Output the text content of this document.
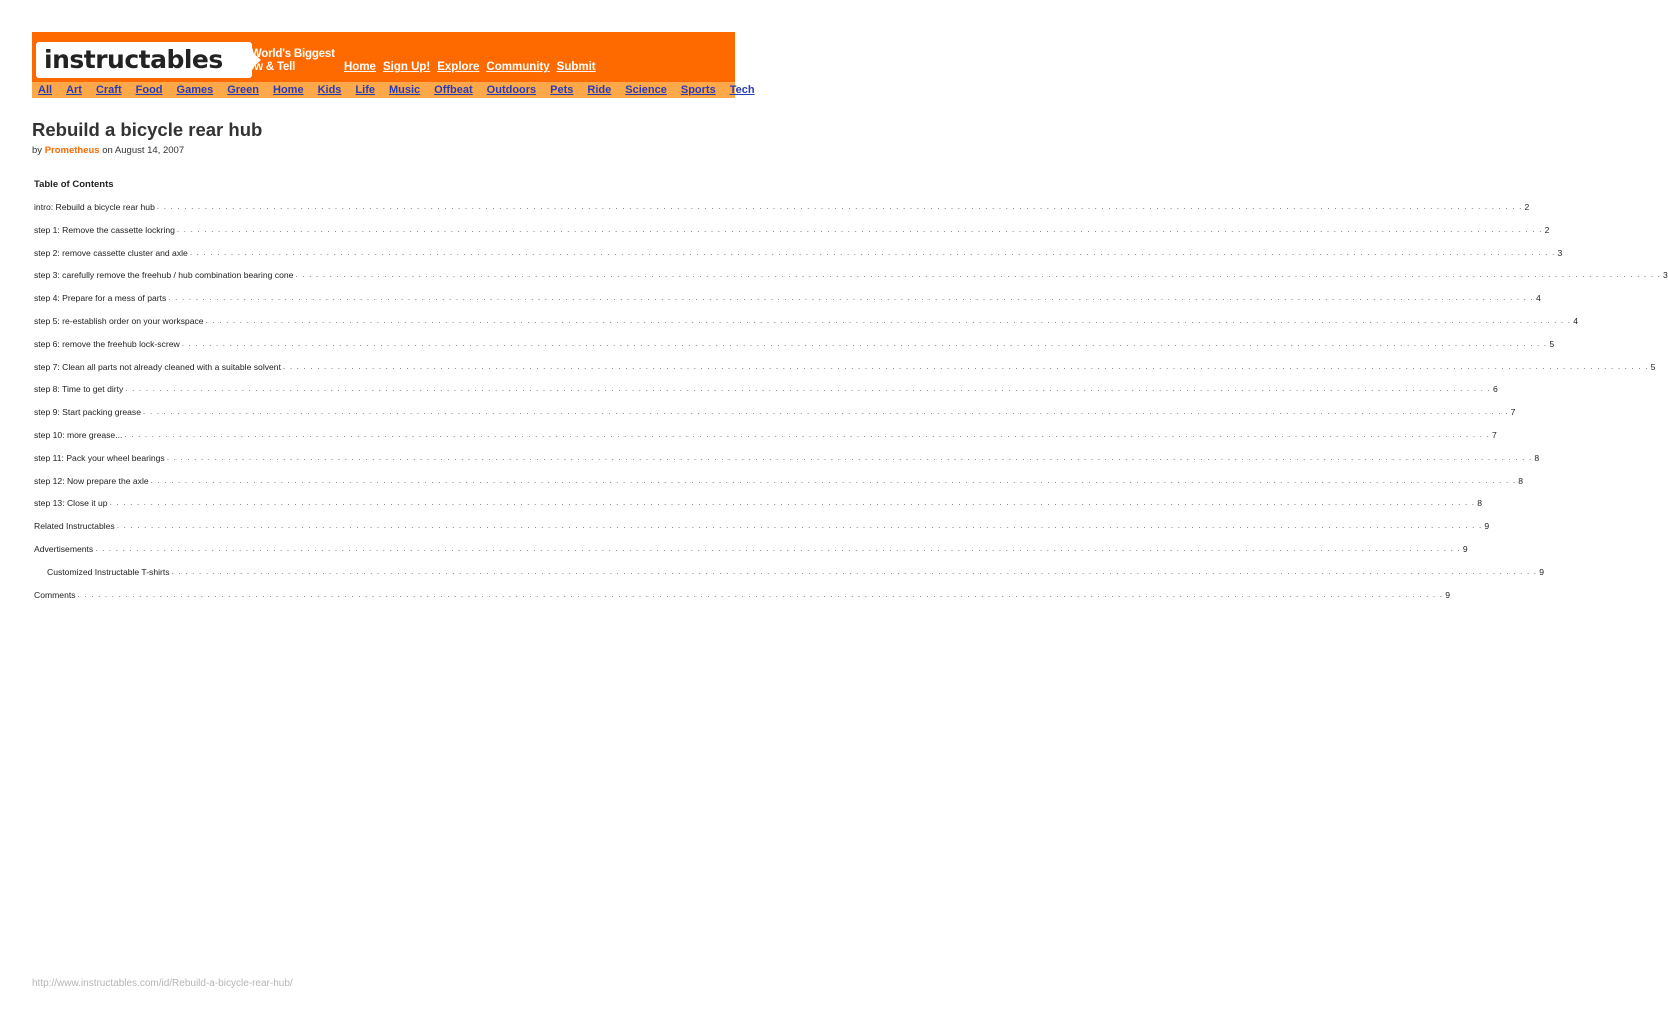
instructables The World's Biggest
Show & Tell	Home Sign Up! Explore Community Submit
All Art Craft Food Games Green Home Kids Life Music Offbeat Outdoors Pets Ride Science Sports Tech
Rebuild a bicycle rear hub
by Prometheus on August 14, 2007
Table of Contents
intro: Rebuild a bicycle rear hub . . . . . . . . . . . . . . . . . . . . . . . . . . . . . . . . . . . . . . . . . . . . . . . . . . . . . . . . . . . . . . . . . . . . . . . . . . . . . . . . . . . . . . . . . . . . . . . . . . . . . . . . . . . . . . . . . . . . . . . . . . . . . . . . . . . . . . . . . . . . . . . . . . . . . . . . . . . . . . . . . . . . . . . . . . . . . . . . . . . . . . . . . . . . . . . . . . . . . . . . 2
step 1: Remove the cassette lockring . . . . . . . . . . . . . . . . . . . . . . . . . . . . . . . . . . . . . . . . . . . . . . . . . . . . . . . . . . . . . . . . . . . . . . . . . . . . . . . . . . . . . . . . . . . . . . . . . . . . . . . . . . . . . . . . . . . . . . . . . . . . . . . . . . . . . . . . . . . . . . . . . . . . . . . . . . . . . . . . . . . . . . . . . . . . . . . . . . . . . . . . . . . . . . . . . . . . . . . . 2
step 2: remove cassette cluster and axle . . . . . . . . . . . . . . . . . . . . . . . . . . . . . . . . . . . . . . . . . . . . . . . . . . . . . . . . . . . . . . . . . . . . . . . . . . . . . . . . . . . . . . . . . . . . . . . . . . . . . . . . . . . . . . . . . . . . . . . . . . . . . . . . . . . . . . . . . . . . . . . . . . . . . . . . . . . . . . . . . . . . . . . . . . . . . . . . . . . . . . . . . . . . . . . . . . . . . . . . 3
step 3: carefully remove the freehub / hub combination bearing cone . . . . . . . . . . . . . . . . . . . . . . . . . . . . . . . . . . . . . . . . . . . . . . . . . . . . . . . . . . . . . . . . . . . . . . . . . . . . . . . . . . . . . . . . . . . . . . . . . . . . . . . . . . . . . . . . . . . . . . . . . . . . . . . . . . . . . . . . . . . . . . . . . . . . . . . . . . . . . . . . . . . . . . . . . . . . . . . . . . . . . . . . . . . . . . . . . . . . . . . . 3
step 4: Prepare for a mess of parts . . . . . . . . . . . . . . . . . . . . . . . . . . . . . . . . . . . . . . . . . . . . . . . . . . . . . . . . . . . . . . . . . . . . . . . . . . . . . . . . . . . . . . . . . . . . . . . . . . . . . . . . . . . . . . . . . . . . . . . . . . . . . . . . . . . . . . . . . . . . . . . . . . . . . . . . . . . . . . . . . . . . . . . . . . . . . . . . . . . . . . . . . . . . . . . . . . . . . . . . 4
step 5: re-establish order on your workspace . . . . . . . . . . . . . . . . . . . . . . . . . . . . . . . . . . . . . . . . . . . . . . . . . . . . . . . . . . . . . . . . . . . . . . . . . . . . . . . . . . . . . . . . . . . . . . . . . . . . . . . . . . . . . . . . . . . . . . . . . . . . . . . . . . . . . . . . . . . . . . . . . . . . . . . . . . . . . . . . . . . . . . . . . . . . . . . . . . . . . . . . . . . . . . . . . . . . . . . . 4
step 6: remove the freehub lock-screw . . . . . . . . . . . . . . . . . . . . . . . . . . . . . . . . . . . . . . . . . . . . . . . . . . . . . . . . . . . . . . . . . . . . . . . . . . . . . . . . . . . . . . . . . . . . . . . . . . . . . . . . . . . . . . . . . . . . . . . . . . . . . . . . . . . . . . . . . . . . . . . . . . . . . . . . . . . . . . . . . . . . . . . . . . . . . . . . . . . . . . . . . . . . . . . . . . . . . . . . 5
step 7: Clean all parts not already cleaned with a suitable solvent . . . . . . . . . . . . . . . . . . . . . . . . . . . . . . . . . . . . . . . . . . . . . . . . . . . . . . . . . . . . . . . . . . . . . . . . . . . . . . . . . . . . . . . . . . . . . . . . . . . . . . . . . . . . . . . . . . . . . . . . . . . . . . . . . . . . . . . . . . . . . . . . . . . . . . . . . . . . . . . . . . . . . . . . . . . . . . . . . . . . . . . . . . . . . . . . . . . . . . . . 5
step 8: Time to get dirty . . . . . . . . . . . . . . . . . . . . . . . . . . . . . . . . . . . . . . . . . . . . . . . . . . . . . . . . . . . . . . . . . . . . . . . . . . . . . . . . . . . . . . . . . . . . . . . . . . . . . . . . . . . . . . . . . . . . . . . . . . . . . . . . . . . . . . . . . . . . . . . . . . . . . . . . . . . . . . . . . . . . . . . . . . . . . . . . . . . . . . . . . . . . . . . . . . . . . . . . 6
step 9: Start packing grease . . . . . . . . . . . . . . . . . . . . . . . . . . . . . . . . . . . . . . . . . . . . . . . . . . . . . . . . . . . . . . . . . . . . . . . . . . . . . . . . . . . . . . . . . . . . . . . . . . . . . . . . . . . . . . . . . . . . . . . . . . . . . . . . . . . . . . . . . . . . . . . . . . . . . . . . . . . . . . . . . . . . . . . . . . . . . . . . . . . . . . . . . . . . . . . . . . . . . . . . 7
step 10: more grease... . . . . . . . . . . . . . . . . . . . . . . . . . . . . . . . . . . . . . . . . . . . . . . . . . . . . . . . . . . . . . . . . . . . . . . . . . . . . . . . . . . . . . . . . . . . . . . . . . . . . . . . . . . . . . . . . . . . . . . . . . . . . . . . . . . . . . . . . . . . . . . . . . . . . . . . . . . . . . . . . . . . . . . . . . . . . . . . . . . . . . . . . . . . . . . . . . . . . . . . . 7
step 11: Pack your wheel bearings . . . . . . . . . . . . . . . . . . . . . . . . . . . . . . . . . . . . . . . . . . . . . . . . . . . . . . . . . . . . . . . . . . . . . . . . . . . . . . . . . . . . . . . . . . . . . . . . . . . . . . . . . . . . . . . . . . . . . . . . . . . . . . . . . . . . . . . . . . . . . . . . . . . . . . . . . . . . . . . . . . . . . . . . . . . . . . . . . . . . . . . . . . . . . . . . . . . . . . . . 8
step 12: Now prepare the axle . . . . . . . . . . . . . . . . . . . . . . . . . . . . . . . . . . . . . . . . . . . . . . . . . . . . . . . . . . . . . . . . . . . . . . . . . . . . . . . . . . . . . . . . . . . . . . . . . . . . . . . . . . . . . . . . . . . . . . . . . . . . . . . . . . . . . . . . . . . . . . . . . . . . . . . . . . . . . . . . . . . . . . . . . . . . . . . . . . . . . . . . . . . . . . . . . . . . . . . . 8
step 13: Close it up . . . . . . . . . . . . . . . . . . . . . . . . . . . . . . . . . . . . . . . . . . . . . . . . . . . . . . . . . . . . . . . . . . . . . . . . . . . . . . . . . . . . . . . . . . . . . . . . . . . . . . . . . . . . . . . . . . . . . . . . . . . . . . . . . . . . . . . . . . . . . . . . . . . . . . . . . . . . . . . . . . . . . . . . . . . . . . . . . . . . . . . . . . . . . . . . . . . . . . . . 8
Related Instructables . . . . . . . . . . . . . . . . . . . . . . . . . . . . . . . . . . . . . . . . . . . . . . . . . . . . . . . . . . . . . . . . . . . . . . . . . . . . . . . . . . . . . . . . . . . . . . . . . . . . . . . . . . . . . . . . . . . . . . . . . . . . . . . . . . . . . . . . . . . . . . . . . . . . . . . . . . . . . . . . . . . . . . . . . . . . . . . . . . . . . . . . . . . . . . . . . . . . . . . . 9
Advertisements . . . . . . . . . . . . . . . . . . . . . . . . . . . . . . . . . . . . . . . . . . . . . . . . . . . . . . . . . . . . . . . . . . . . . . . . . . . . . . . . . . . . . . . . . . . . . . . . . . . . . . . . . . . . . . . . . . . . . . . . . . . . . . . . . . . . . . . . . . . . . . . . . . . . . . . . . . . . . . . . . . . . . . . . . . . . . . . . . . . . . . . . . . . . . . . . . . . . . . . . 9
Customized Instructable T-shirts . . . . . . . . . . . . . . . . . . . . . . . . . . . . . . . . . . . . . . . . . . . . . . . . . . . . . . . . . . . . . . . . . . . . . . . . . . . . . . . . . . . . . . . . . . . . . . . . . . . . . . . . . . . . . . . . . . . . . . . . . . . . . . . . . . . . . . . . . . . . . . . . . . . . . . . . . . . . . . . . . . . . . . . . . . . . . . . . . . . . . . . . . . . . . . . . . . . . . . . . 9
Comments . . . . . . . . . . . . . . . . . . . . . . . . . . . . . . . . . . . . . . . . . . . . . . . . . . . . . . . . . . . . . . . . . . . . . . . . . . . . . . . . . . . . . . . . . . . . . . . . . . . . . . . . . . . . . . . . . . . . . . . . . . . . . . . . . . . . . . . . . . . . . . . . . . . . . . . . . . . . . . . . . . . . . . . . . . . . . . . . . . . . . . . . . . . . . . . . . . . . . . . . 9
http://www.instructables.com/id/Rebuild-a-bicycle-rear-hub/
